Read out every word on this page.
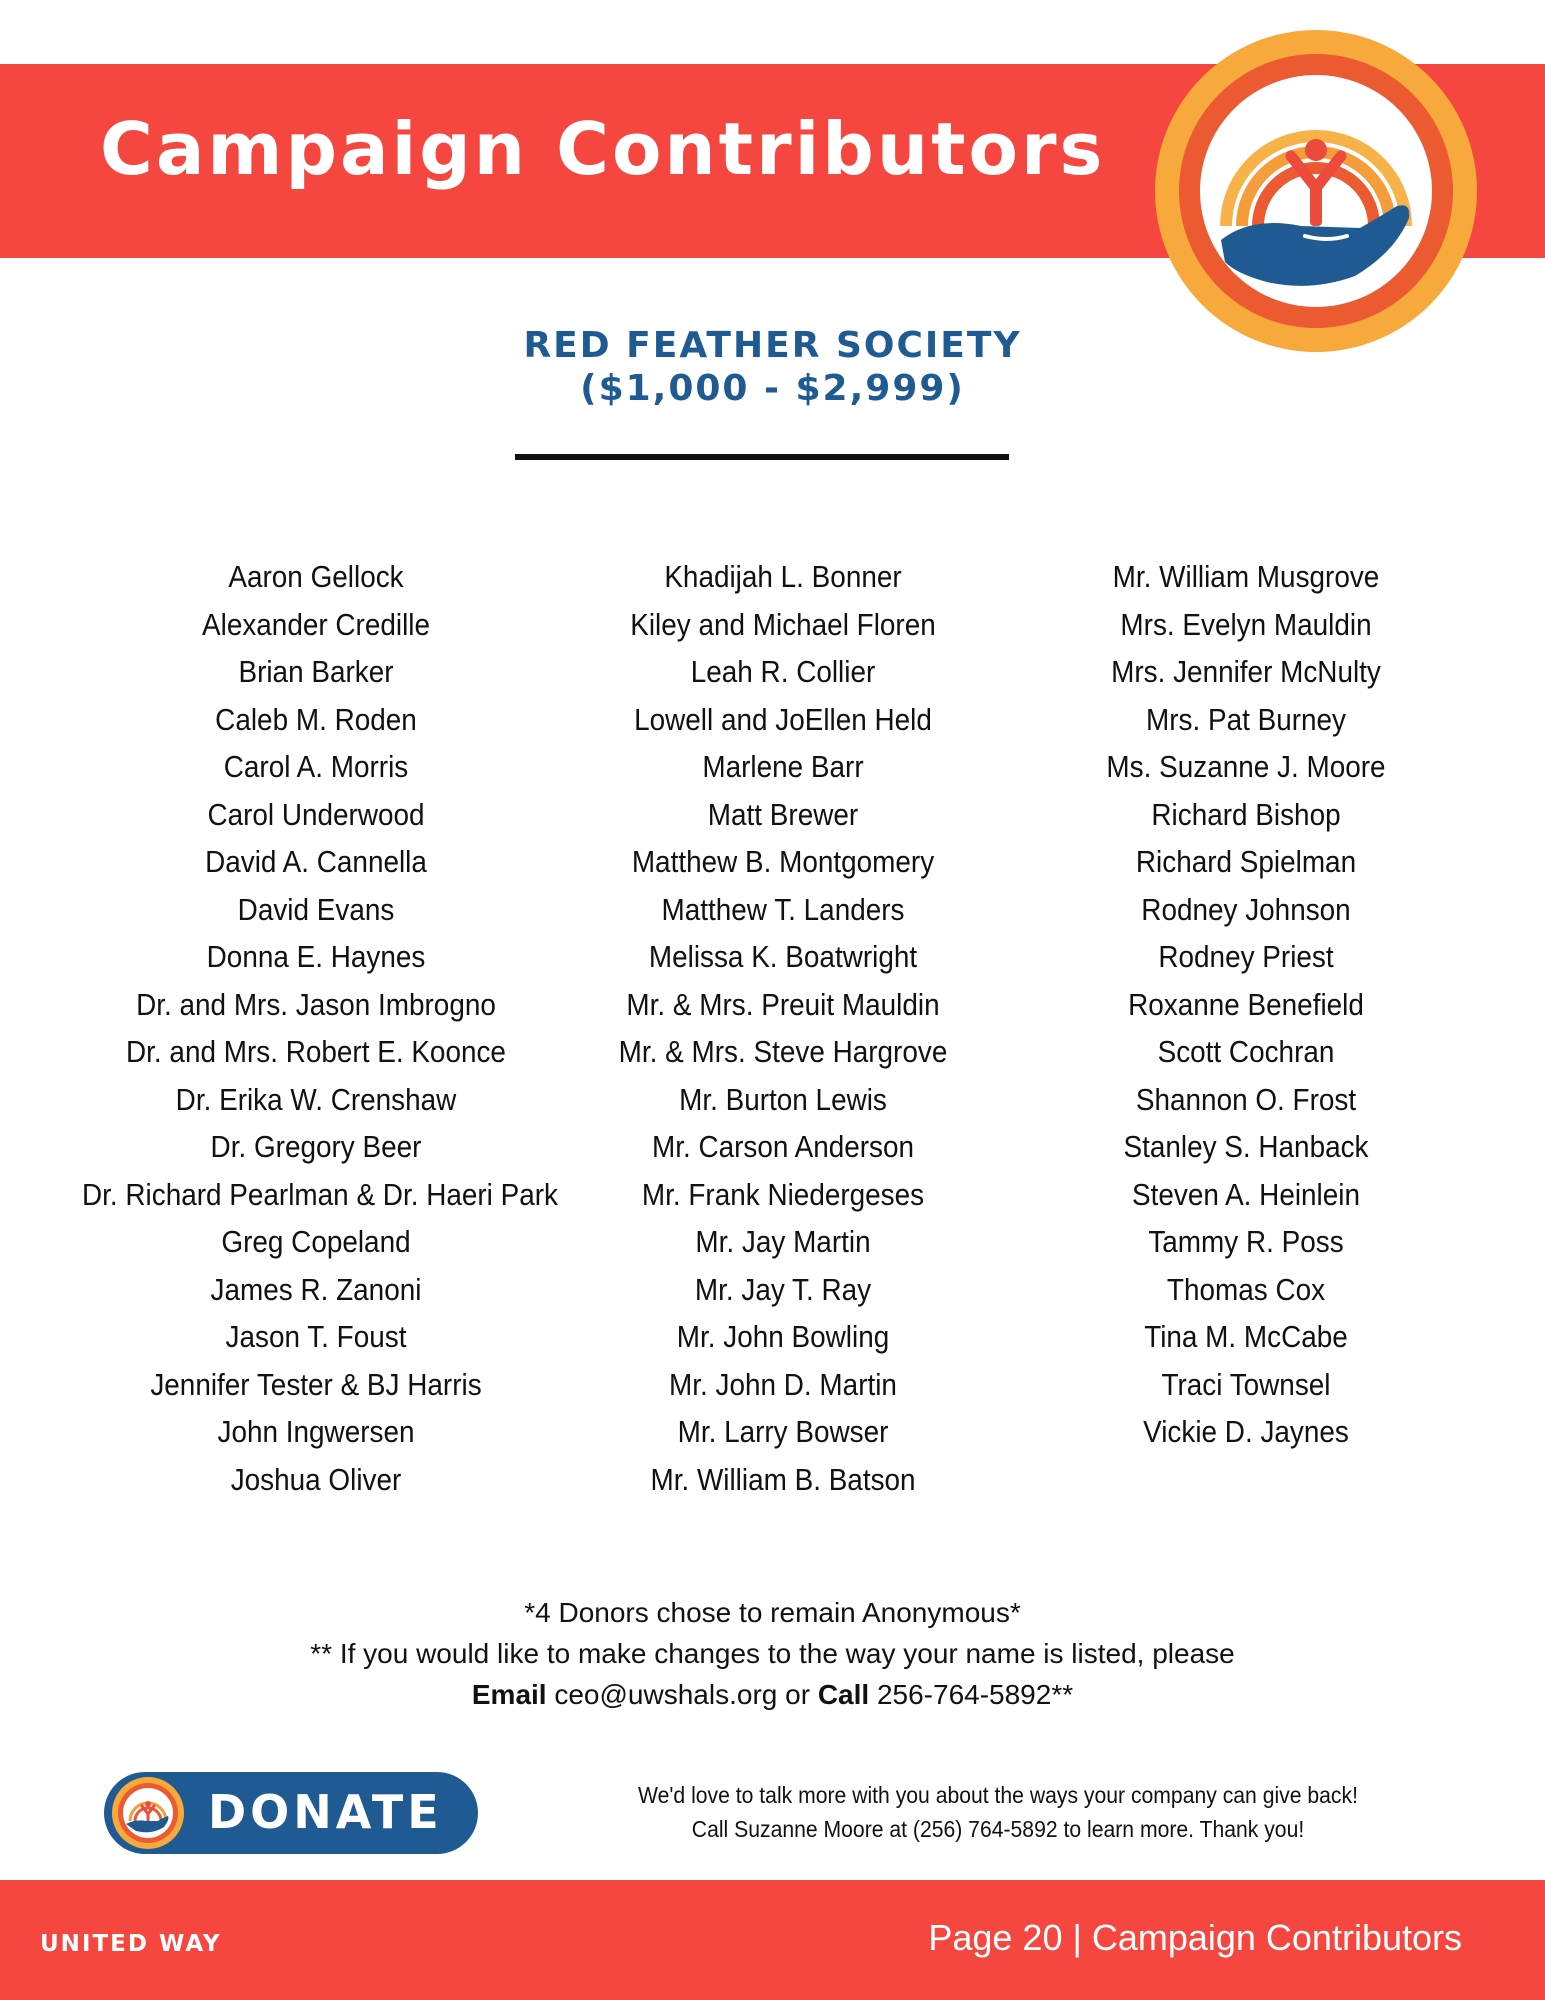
Campaign Contributors
RED FEATHER SOCIETY
($1,000 - $2,999)
Aaron Gellock
Alexander Credille
Brian Barker
Caleb M. Roden
Carol A. Morris
Carol Underwood
David A. Cannella
David Evans
Donna E. Haynes
Dr. and Mrs. Jason Imbrogno
Dr. and Mrs. Robert E. Koonce
Dr. Erika W. Crenshaw
Dr. Gregory Beer
Dr. Richard Pearlman & Dr. Haeri Park
Greg Copeland
James R. Zanoni
Jason T. Foust
Jennifer Tester & BJ Harris
John Ingwersen
Joshua Oliver
Khadijah L. Bonner
Kiley and Michael Floren
Leah R. Collier
Lowell and JoEllen Held
Marlene Barr
Matt Brewer
Matthew B. Montgomery
Matthew T. Landers
Melissa K. Boatwright
Mr. & Mrs. Preuit Mauldin
Mr. & Mrs. Steve Hargrove
Mr. Burton Lewis
Mr. Carson Anderson
Mr. Frank Niedergeses
Mr. Jay Martin
Mr. Jay T. Ray
Mr. John Bowling
Mr. John D. Martin
Mr. Larry Bowser
Mr. William B. Batson
Mr. William Musgrove
Mrs. Evelyn Mauldin
Mrs. Jennifer McNulty
Mrs. Pat Burney
Ms. Suzanne J. Moore
Richard Bishop
Richard Spielman
Rodney Johnson
Rodney Priest
Roxanne Benefield
Scott Cochran
Shannon O. Frost
Stanley S. Hanback
Steven A. Heinlein
Tammy R. Poss
Thomas Cox
Tina M. McCabe
Traci Townsel
Vickie D. Jaynes
*4 Donors chose to remain Anonymous*
** If you would like to make changes to the way your name is listed, please
Email ceo@uwshals.org or Call 256-764-5892**
DONATE	We'd love to talk more with you about the ways your company can give back!
Call Suzanne Moore at (256) 764-5892 to learn more. Thank you!
UNITED WAY	Page 20 | Campaign Contributors
